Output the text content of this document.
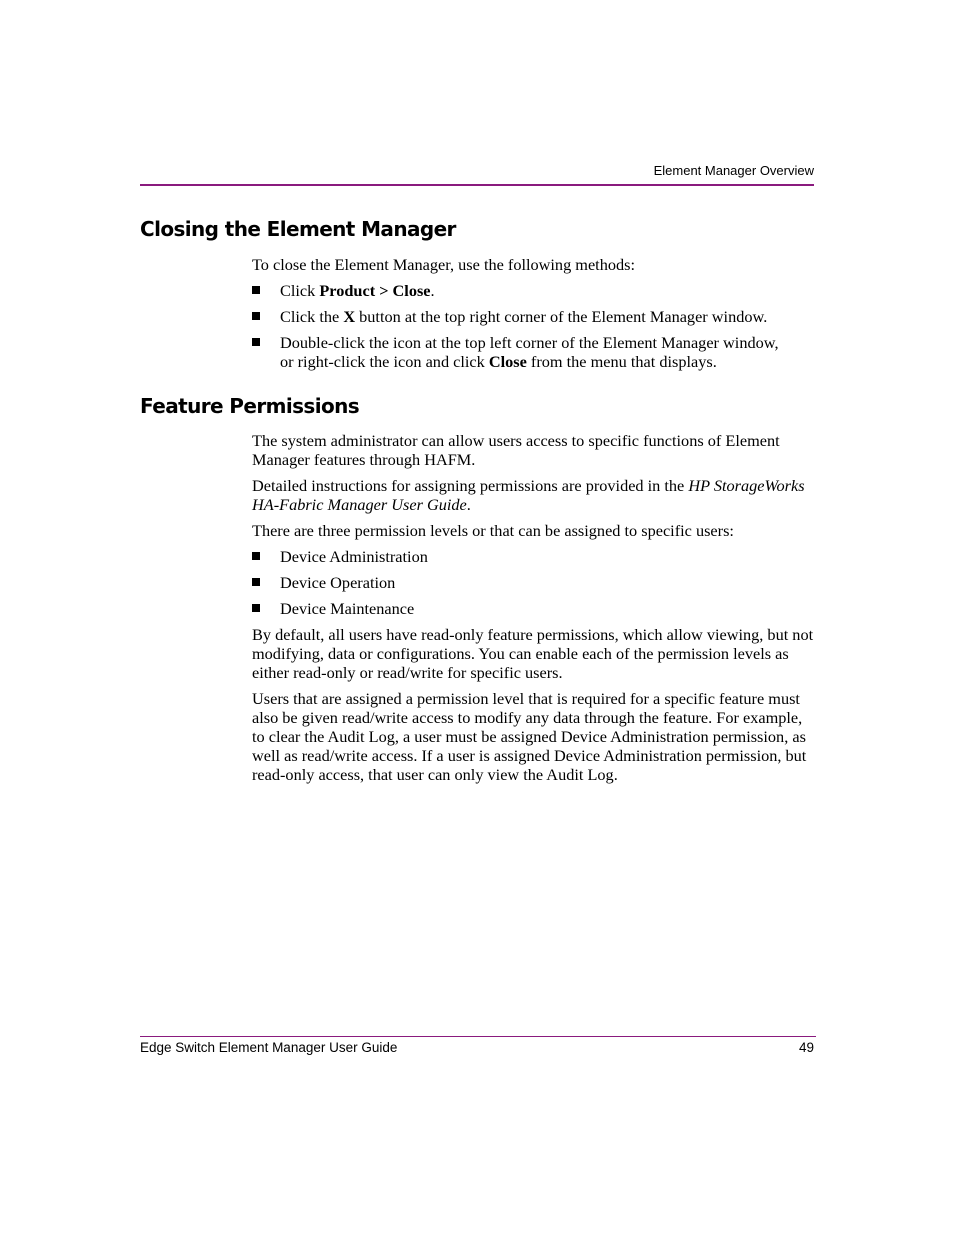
Element Manager Overview
Closing the Element Manager

To close the Element Manager, use the following methods:

Click Product > Close.
Click the X button at the top right corner of the Element Manager window.
Double-click the icon at the top left corner of the Element Manager window,
or right-click the icon and click Close from the menu that displays.
Feature Permissions

The system administrator can allow users access to specific functions of Element Manager features through HAFM.

Detailed instructions for assigning permissions are provided in the HP StorageWorks HA-Fabric Manager User Guide.

There are three permission levels or that can be assigned to specific users:

Device Administration
Device Operation
Device Maintenance

By default, all users have read-only feature permissions, which allow viewing, but not modifying, data or configurations. You can enable each of the permission levels as either read-only or read/write for specific users.

Users that are assigned a permission level that is required for a specific feature must also be given read/write access to modify any data through the feature. For example, to clear the Audit Log, a user must be assigned Device Administration permission, as well as read/write access. If a user is assigned Device Administration permission, but read-only access, that user can only view the Audit Log.

Edge Switch Element Manager User Guide	49
